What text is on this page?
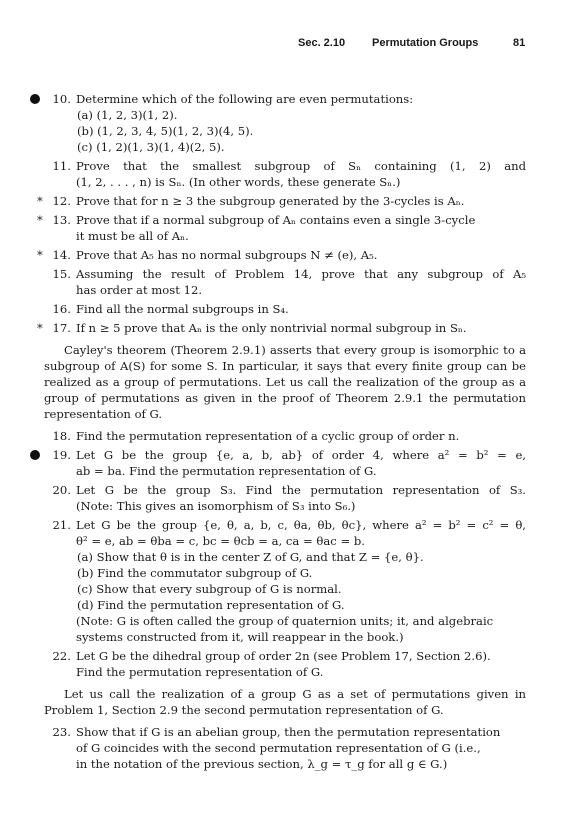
Sec. 2.10 Permutation Groups	81
10. Determine which of the following are even permutations:
(a) (1, 2, 3)(1, 2).
(b) (1, 2, 3, 4, 5)(1, 2, 3)(4, 5).
(c) (1, 2)(1, 3)(1, 4)(2, 5).
11. Prove that the smallest subgroup of Sₙ containing (1, 2) and
(1, 2, . . . , n) is Sₙ. (In other words, these generate Sₙ.)
* 12. Prove that for n ≥ 3 the subgroup generated by the 3-cycles is Aₙ.
* 13. Prove that if a normal subgroup of Aₙ contains even a single 3-cycle
it must be all of Aₙ.
* 14. Prove that A₅ has no normal subgroups N ≠ (e), A₅.
15. Assuming the result of Problem 14, prove that any subgroup of A₅
has order at most 12.
16. Find all the normal subgroups in S₄.
* 17. If n ≥ 5 prove that Aₙ is the only nontrivial normal subgroup in Sₙ.

Cayley's theorem (Theorem 2.9.1) asserts that every group is isomorphic to a subgroup of A(S) for some S. In particular, it says that every finite group can be realized as a group of permutations. Let us call the realization of the group as a group of permutations as given in the proof of Theorem 2.9.1 the permutation representation of G.

18. Find the permutation representation of a cyclic group of order n.
19. Let G be the group {e, a, b, ab} of order 4, where a² = b² = e,
ab = ba. Find the permutation representation of G.
20. Let G be the group S₃. Find the permutation representation of S₃.
(Note: This gives an isomorphism of S₃ into S₆.)
21. Let G be the group {e, θ, a, b, c, θa, θb, θc}, where a² = b² = c² = θ,
θ² = e, ab = θba = c, bc = θcb = a, ca = θac = b.
(a) Show that θ is in the center Z of G, and that Z = {e, θ}.
(b) Find the commutator subgroup of G.
(c) Show that every subgroup of G is normal.
(d) Find the permutation representation of G.
(Note: G is often called the group of quaternion units; it, and algebraic
systems constructed from it, will reappear in the book.)
22. Let G be the dihedral group of order 2n (see Problem 17, Section 2.6).
Find the permutation representation of G.

Let us call the realization of a group G as a set of permutations given in Problem 1, Section 2.9 the second permutation representation of G.

23. Show that if G is an abelian group, then the permutation representation
of G coincides with the second permutation representation of G (i.e.,
in the notation of the previous section, λ_g = τ_g for all g ∈ G.)
